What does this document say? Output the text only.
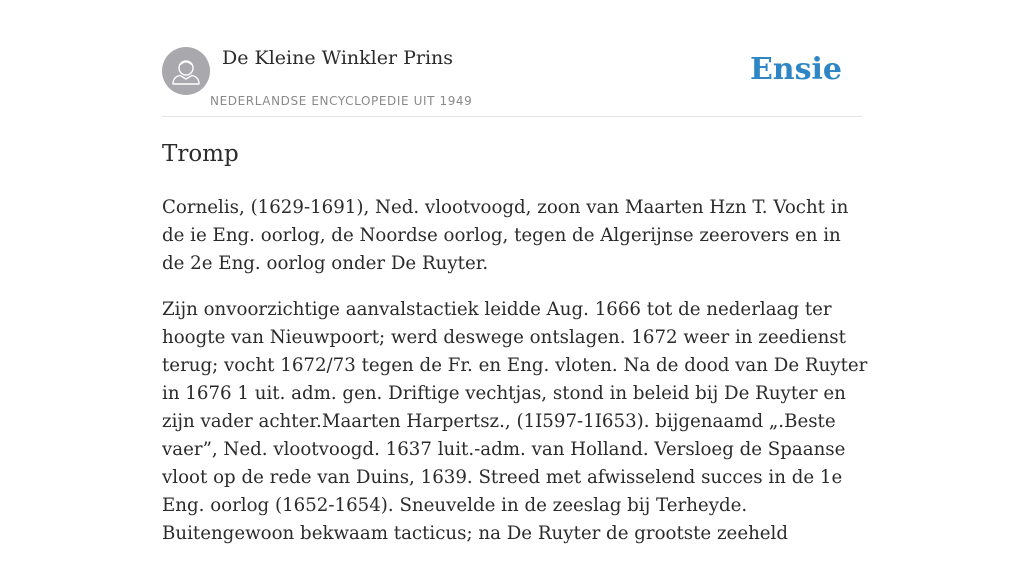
De Kleine Winkler Prins
NEDERLANDSE ENCYCLOPEDIE UIT 1949
Ensie
Tromp

Cornelis, (1629-1691), Ned. vlootvoogd, zoon van Maarten Hzn T. Vocht in de ie Eng. oorlog, de Noordse oorlog, tegen de Algerijnse zeerovers en in de 2e Eng. oorlog onder De Ruyter.

Zijn onvoorzichtige aanvalstactiek leidde Aug. 1666 tot de nederlaag ter hoogte van Nieuwpoort; werd deswege ontslagen. 1672 weer in zeedienst terug; vocht 1672/73 tegen de Fr. en Eng. vloten. Na de dood van De Ruyter in 1676 1 uit. adm. gen. Driftige vechtjas, stond in beleid bij De Ruyter en zijn vader achter.Maarten Harpertsz., (1I597-1I653). bijgenaamd „.Beste vaer”, Ned. vlootvoogd. 1637 luit.-adm. van Holland. Versloeg de Spaanse vloot op de rede van Duins, 1639. Streed met afwisselend succes in de 1e Eng. oorlog (1652-1654). Sneuvelde in de zeeslag bij Terheyde. Buitengewoon bekwaam tacticus; na De Ruyter de grootste zeeheld
